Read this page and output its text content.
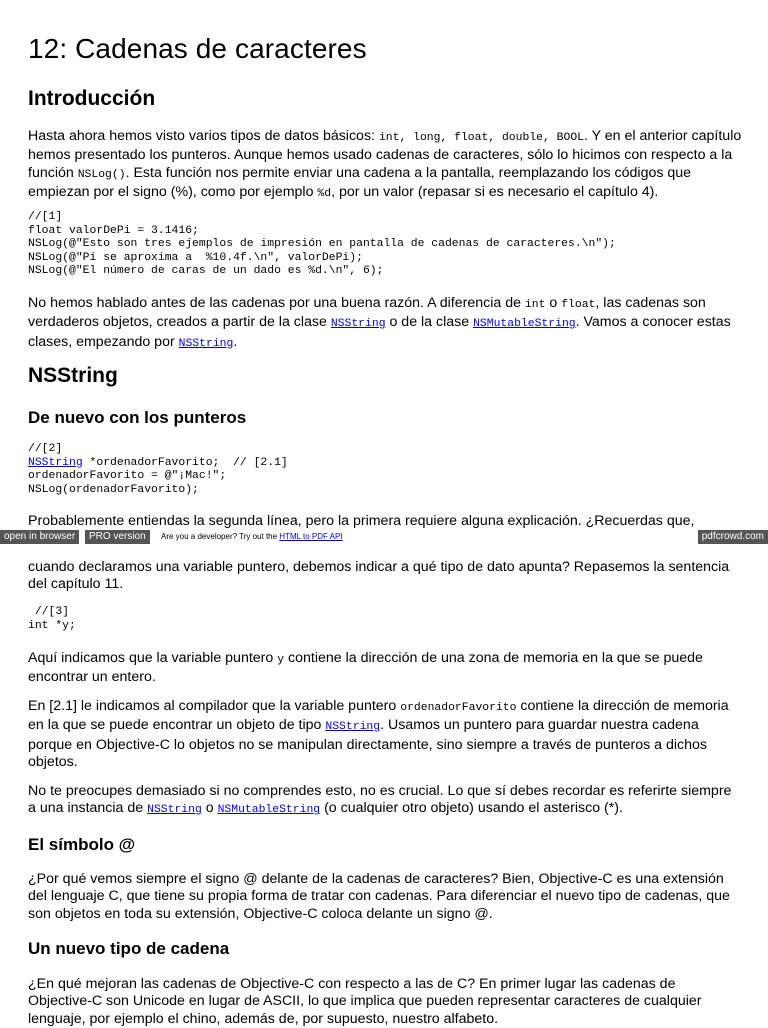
12: Cadenas de caracteres
Introducción

Hasta ahora hemos visto varios tipos de datos básicos: int, long, float, double, BOOL. Y en el anterior capítulo hemos presentado los punteros. Aunque hemos usado cadenas de caracteres, sólo lo hicimos con respecto a la función NSLog(). Esta función nos permite enviar una cadena a la pantalla, reemplazando los códigos que empiezan por el signo (%), como por ejemplo %d, por un valor (repasar si es necesario el capítulo 4).

//[1]
float valorDePi = 3.1416;
NSLog(@"Esto son tres ejemplos de impresión en pantalla de cadenas de caracteres.\n");
NSLog(@"Pi se aproxima a  %10.4f.\n", valorDePi);
NSLog(@"El número de caras de un dado es %d.\n", 6);

No hemos hablado antes de las cadenas por una buena razón. A diferencia de int o float, las cadenas son verdaderos objetos, creados a partir de la clase NSString o de la clase NSMutableString. Vamos a conocer estas clases, empezando por NSString.

NSString
De nuevo con los punteros
//[2]
NSString *ordenadorFavorito;  // [2.1]
ordenadorFavorito = @"¡Mac!";
NSLog(ordenadorFavorito);

Probablemente entiendas la segunda línea, pero la primera requiere alguna explicación. ¿Recuerdas que,

open in browser	PRO version	Are you a developer? Try out the HTML to PDF API	pdfcrowd.com

cuando declaramos una variable puntero, debemos indicar a qué tipo de dato apunta? Repasemos la sentencia del capítulo 11.

//[3]
int *y;

Aquí indicamos que la variable puntero y contiene la dirección de una zona de memoria en la que se puede encontrar un entero.

En [2.1] le indicamos al compilador que la variable puntero ordenadorFavorito contiene la dirección de memoria en la que se puede encontrar un objeto de tipo NSString. Usamos un puntero para guardar nuestra cadena porque en Objective-C lo objetos no se manipulan directamente, sino siempre a través de punteros a dichos objetos.

No te preocupes demasiado si no comprendes esto, no es crucial. Lo que sí debes recordar es referirte siempre a una instancia de NSString o NSMutableString (o cualquier otro objeto) usando el asterisco (*).

El símbolo @

¿Por qué vemos siempre el signo @ delante de la cadenas de caracteres? Bien, Objective-C es una extensión del lenguaje C, que tiene su propia forma de tratar con cadenas. Para diferenciar el nuevo tipo de cadenas, que son objetos en toda su extensión, Objective-C coloca delante un signo @.

Un nuevo tipo de cadena

¿En qué mejoran las cadenas de Objective-C con respecto a las de C? En primer lugar las cadenas de Objective-C son Unicode en lugar de ASCII, lo que implica que pueden representar caracteres de cualquier lenguaje, por ejemplo el chino, además de, por supuesto, nuestro alfabeto.
